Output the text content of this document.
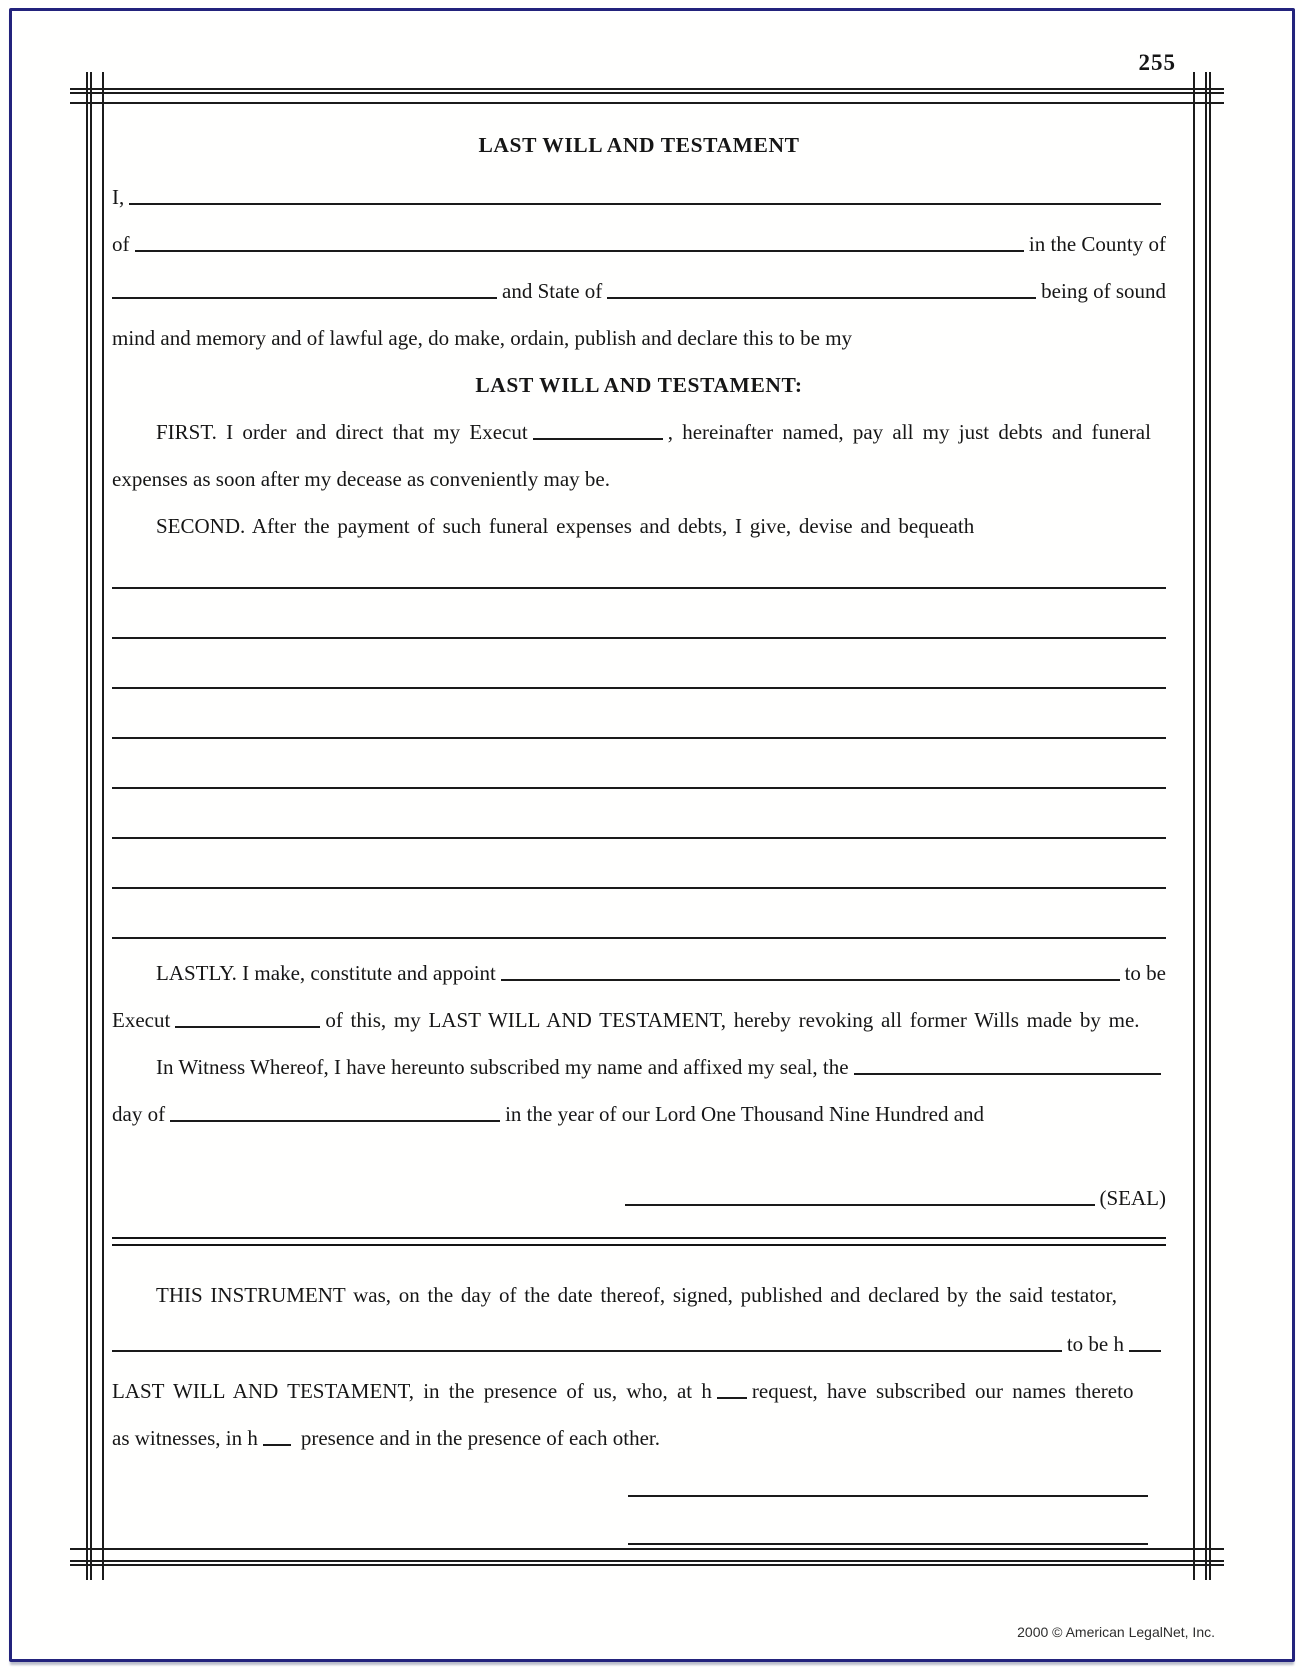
255
LAST WILL AND TESTAMENT
I,
of	in the County of
and State of	being of sound
mind and memory and of lawful age, do make, ordain, publish and declare this to be my
LAST WILL AND TESTAMENT:
FIRST. I order and direct that my Execut	, hereinafter named, pay all my just debts and funeral
expenses as soon after my decease as conveniently may be.
SECOND. After the payment of such funeral expenses and debts, I give, devise and bequeath
LASTLY. I make, constitute and appoint	to be
Execut	of this, my LAST WILL AND TESTAMENT, hereby revoking all former Wills made by me.
In Witness Whereof, I have hereunto subscribed my name and affixed my seal, the
day of	in the year of our Lord One Thousand Nine Hundred and
(SEAL)
THIS INSTRUMENT was, on the day of the date thereof, signed, published and declared by the said testator,
to be h
LAST WILL AND TESTAMENT, in the presence of us, who, at h request, have subscribed our names thereto
as witnesses, in h presence and in the presence of each other.
2000 © American LegalNet, Inc.
